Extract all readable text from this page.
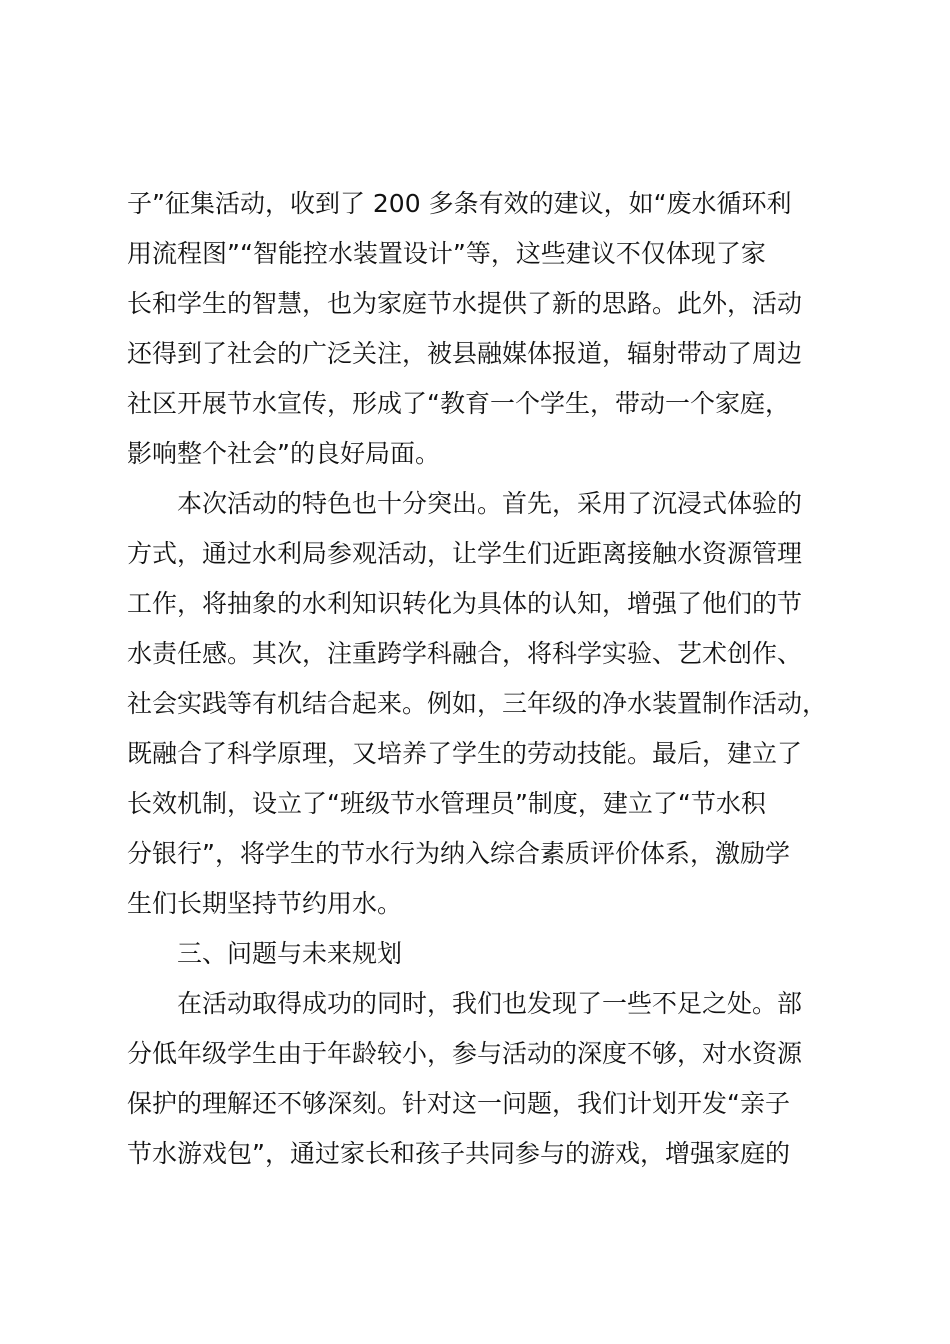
子”征集活动，收到了 200 多条有效的建议，如“废水循环利

用流程图”“智能控水装置设计”等，这些建议不仅体现了家

长和学生的智慧，也为家庭节水提供了新的思路。此外，活动

还得到了社会的广泛关注，被县融媒体报道，辐射带动了周边

社区开展节水宣传，形成了“教育一个学生，带动一个家庭，

影响整个社会”的良好局面。

本次活动的特色也十分突出。首先，采用了沉浸式体验的

方式，通过水利局参观活动，让学生们近距离接触水资源管理

工作，将抽象的水利知识转化为具体的认知，增强了他们的节

水责任感。其次，注重跨学科融合，将科学实验、艺术创作、

社会实践等有机结合起来。例如，三年级的净水装置制作活动，

既融合了科学原理，又培养了学生的劳动技能。最后，建立了

长效机制，设立了“班级节水管理员”制度，建立了“节水积

分银行”，将学生的节水行为纳入综合素质评价体系，激励学

生们长期坚持节约用水。

三、问题与未来规划

在活动取得成功的同时，我们也发现了一些不足之处。部

分低年级学生由于年龄较小，参与活动的深度不够，对水资源

保护的理解还不够深刻。针对这一问题，我们计划开发“亲子

节水游戏包”，通过家长和孩子共同参与的游戏，增强家庭的
